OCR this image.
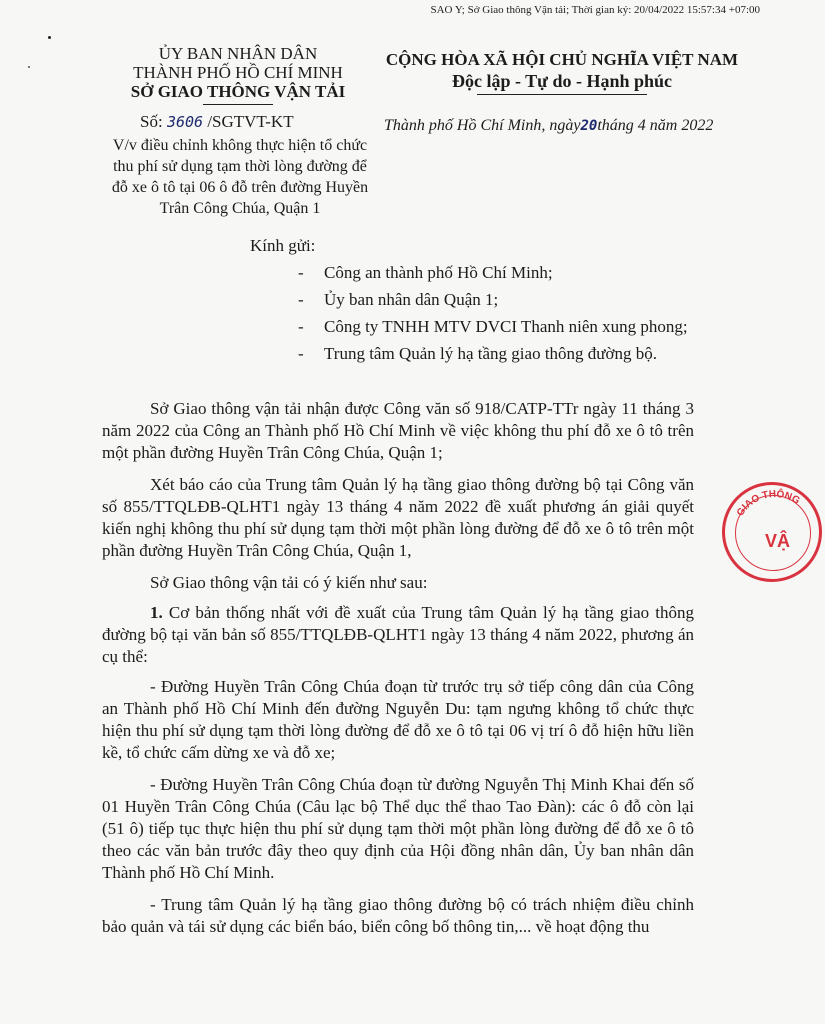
SAO Y; Sở Giao thông Vận tải; Thời gian ký: 20/04/2022 15:57:34 +07:00
ỦY BAN NHÂN DÂN
THÀNH PHỐ HỒ CHÍ MINH
SỞ GIAO THÔNG VẬN TẢI
CỘNG HÒA XÃ HỘI CHỦ NGHĨA VIỆT NAM
Độc lập - Tự do - Hạnh phúc
Số: 3606 /SGTVT-KT	Thành phố Hồ Chí Minh, ngày20tháng 4 năm 2022
V/v điều chỉnh không thực hiện tổ chức thu phí sử dụng tạm thời lòng đường để đỗ xe ô tô tại 06 ô đỗ trên đường Huyền Trân Công Chúa, Quận 1
Kính gửi:
- Công an thành phố Hồ Chí Minh;
- Ủy ban nhân dân Quận 1;
- Công ty TNHH MTV DVCI Thanh niên xung phong;
- Trung tâm Quản lý hạ tầng giao thông đường bộ.

Sở Giao thông vận tải nhận được Công văn số 918/CATP-TTr ngày 11 tháng 3 năm 2022 của Công an Thành phố Hồ Chí Minh về việc không thu phí đỗ xe ô tô trên một phần đường Huyền Trân Công Chúa, Quận 1;

Xét báo cáo của Trung tâm Quản lý hạ tầng giao thông đường bộ tại Công văn số 855/TTQLĐB-QLHT1 ngày 13 tháng 4 năm 2022 đề xuất phương án giải quyết kiến nghị không thu phí sử dụng tạm thời một phần lòng đường để đỗ xe ô tô trên một phần đường Huyền Trân Công Chúa, Quận 1,

Sở Giao thông vận tải có ý kiến như sau:

1. Cơ bản thống nhất với đề xuất của Trung tâm Quản lý hạ tầng giao thông đường bộ tại văn bản số 855/TTQLĐB-QLHT1 ngày 13 tháng 4 năm 2022, phương án cụ thể:

- Đường Huyền Trân Công Chúa đoạn từ trước trụ sở tiếp công dân của Công an Thành phố Hồ Chí Minh đến đường Nguyễn Du: tạm ngưng không tổ chức thực hiện thu phí sử dụng tạm thời lòng đường để đỗ xe ô tô tại 06 vị trí ô đỗ hiện hữu liền kề, tổ chức cấm dừng xe và đỗ xe;

- Đường Huyền Trân Công Chúa đoạn từ đường Nguyễn Thị Minh Khai đến số 01 Huyền Trân Công Chúa (Câu lạc bộ Thể dục thể thao Tao Đàn): các ô đỗ còn lại (51 ô) tiếp tục thực hiện thu phí sử dụng tạm thời một phần lòng đường để đỗ xe ô tô theo các văn bản trước đây theo quy định của Hội đồng nhân dân, Ủy ban nhân dân Thành phố Hồ Chí Minh.

- Trung tâm Quản lý hạ tầng giao thông đường bộ có trách nhiệm điều chỉnh bảo quản và tái sử dụng các biển báo, biển công bố thông tin,... về hoạt động thu

GIAO THÔNG
VẬ
